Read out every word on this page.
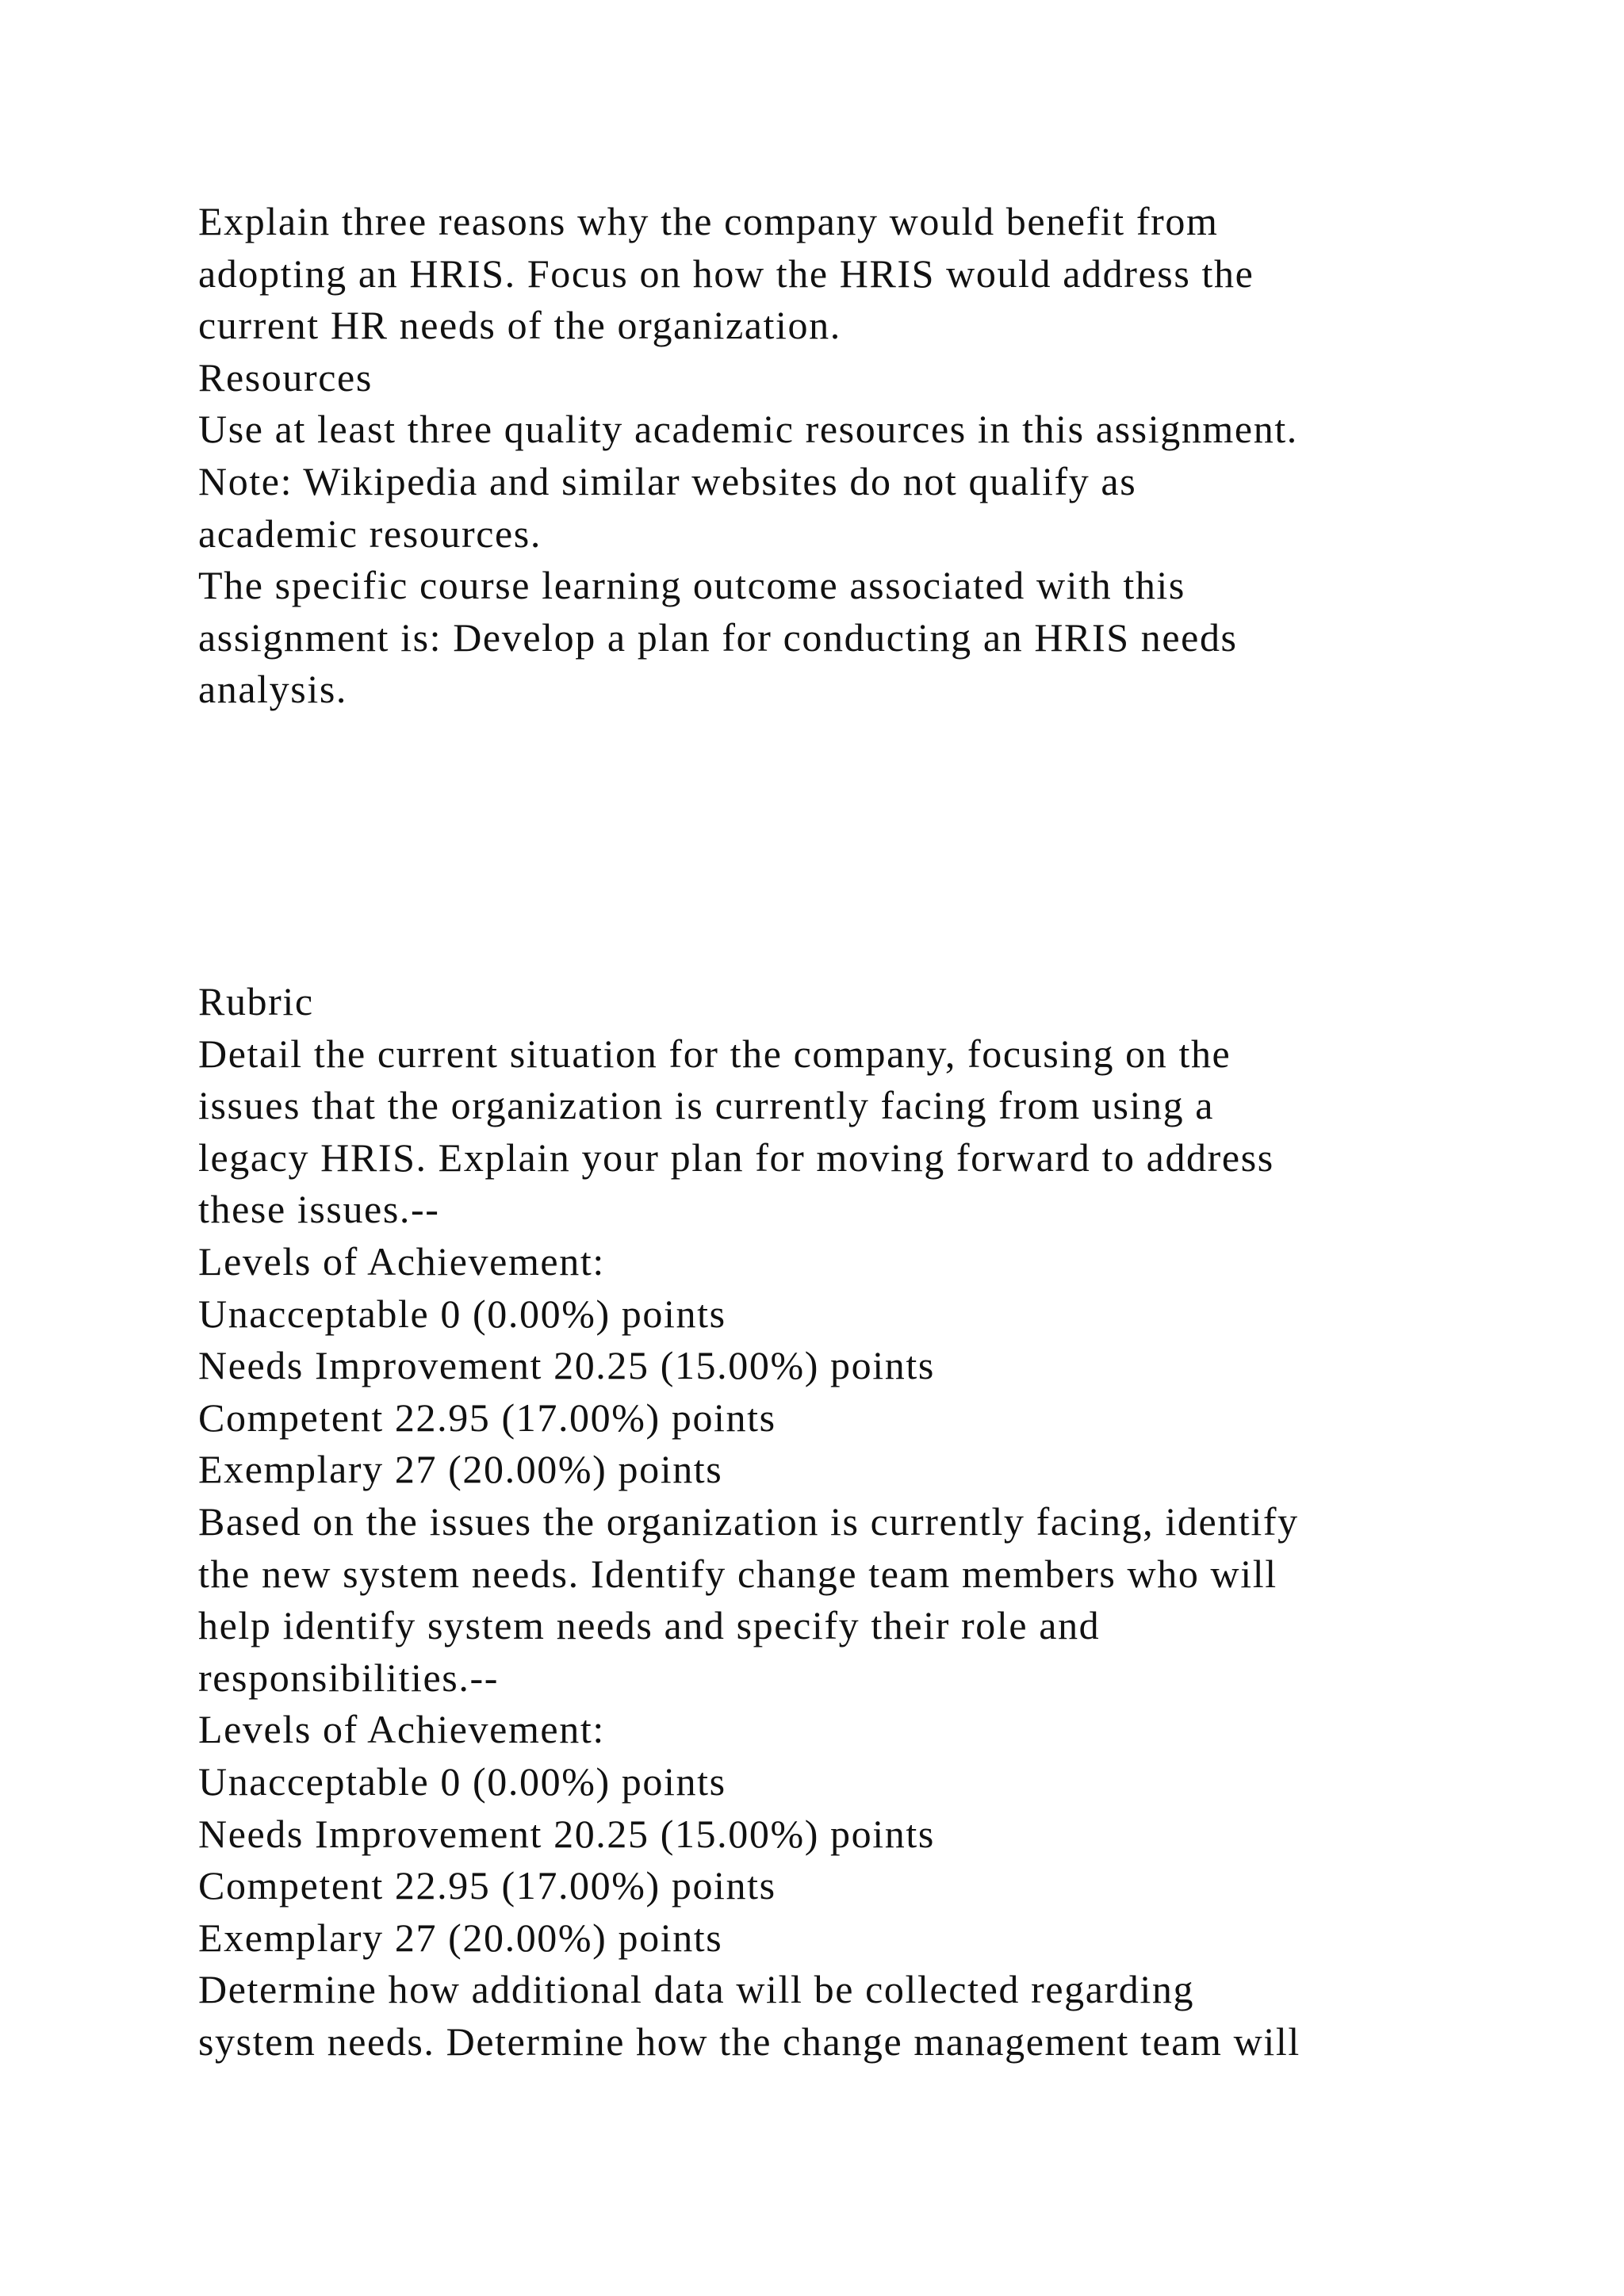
Explain three reasons why the company would benefit from
adopting an HRIS. Focus on how the HRIS would address the
current HR needs of the organization.
Resources
Use at least three quality academic resources in this assignment.
Note: Wikipedia and similar websites do not qualify as
academic resources.
The specific course learning outcome associated with this
assignment is: Develop a plan for conducting an HRIS needs
analysis.
Rubric
Detail the current situation for the company, focusing on the
issues that the organization is currently facing from using a
legacy HRIS. Explain your plan for moving forward to address
these issues.--
Levels of Achievement:
Unacceptable 0 (0.00%) points
Needs Improvement 20.25 (15.00%) points
Competent 22.95 (17.00%) points
Exemplary 27 (20.00%) points
Based on the issues the organization is currently facing, identify
the new system needs. Identify change team members who will
help identify system needs and specify their role and
responsibilities.--
Levels of Achievement:
Unacceptable 0 (0.00%) points
Needs Improvement 20.25 (15.00%) points
Competent 22.95 (17.00%) points
Exemplary 27 (20.00%) points
Determine how additional data will be collected regarding
system needs. Determine how the change management team will
